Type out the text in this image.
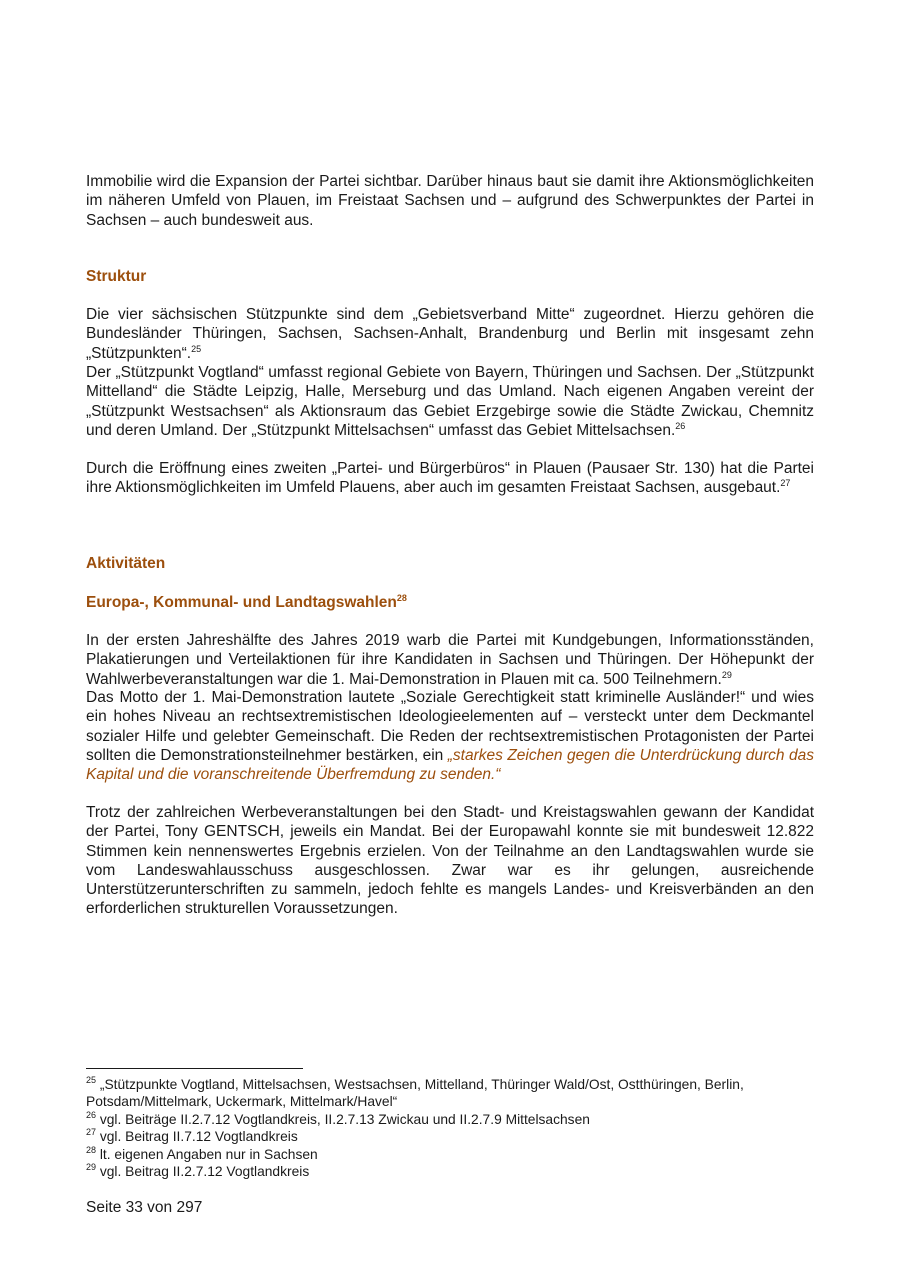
Immobilie wird die Expansion der Partei sichtbar. Darüber hinaus baut sie damit ihre Aktionsmöglichkeiten im näheren Umfeld von Plauen, im Freistaat Sachsen und – aufgrund des Schwerpunktes der Partei in Sachsen – auch bundesweit aus.

Struktur

Die vier sächsischen Stützpunkte sind dem „Gebietsverband Mitte“ zugeordnet. Hierzu gehören die Bundesländer Thüringen, Sachsen, Sachsen-Anhalt, Brandenburg und Berlin mit insgesamt zehn „Stützpunkten“.$^{25}$

Der „Stützpunkt Vogtland“ umfasst regional Gebiete von Bayern, Thüringen und Sachsen. Der „Stützpunkt Mittelland“ die Städte Leipzig, Halle, Merseburg und das Umland. Nach eigenen Angaben vereint der „Stützpunkt Westsachsen“ als Aktionsraum das Gebiet Erzgebirge sowie die Städte Zwickau, Chemnitz und deren Umland. Der „Stützpunkt Mittelsachsen“ umfasst das Gebiet Mittelsachsen.$^{26}$

Durch die Eröffnung eines zweiten „Partei- und Bürgerbüros“ in Plauen (Pausaer Str. 130) hat die Partei ihre Aktionsmöglichkeiten im Umfeld Plauens, aber auch im gesamten Freistaat Sachsen, ausgebaut.$^{27}$

Aktivitäten
Europa-, Kommunal- und Landtagswahlen$^{28}$

In der ersten Jahreshälfte des Jahres 2019 warb die Partei mit Kundgebungen, Informationsständen, Plakatierungen und Verteilaktionen für ihre Kandidaten in Sachsen und Thüringen. Der Höhepunkt der Wahlwerbeveranstaltungen war die 1. Mai-Demonstration in Plauen mit ca. 500 Teilnehmern.$^{29}$

Das Motto der 1. Mai-Demonstration lautete „Soziale Gerechtigkeit statt kriminelle Ausländer!“ und wies ein hohes Niveau an rechtsextremistischen Ideologieelementen auf – versteckt unter dem Deckmantel sozialer Hilfe und gelebter Gemeinschaft. Die Reden der rechtsextremistischen Protagonisten der Partei sollten die Demonstrationsteilnehmer bestärken, ein „starkes Zeichen gegen die Unterdrückung durch das Kapital und die voranschreitende Überfremdung zu senden.“

Trotz der zahlreichen Werbeveranstaltungen bei den Stadt- und Kreistagswahlen gewann der Kandidat der Partei, Tony GENTSCH, jeweils ein Mandat. Bei der Europawahl konnte sie mit bundesweit 12.822 Stimmen kein nennenswertes Ergebnis erzielen. Von der Teilnahme an den Landtagswahlen wurde sie vom Landeswahlausschuss ausgeschlossen. Zwar war es ihr gelungen, ausreichende Unterstützerunterschriften zu sammeln, jedoch fehlte es mangels Landes- und Kreisverbänden an den erforderlichen strukturellen Voraussetzungen.

$^{25}$ „Stützpunkte Vogtland, Mittelsachsen, Westsachsen, Mittelland, Thüringer Wald/Ost, Ostthüringen, Berlin, Potsdam/Mittelmark, Uckermark, Mittelmark/Havel“
$^{26}$ vgl. Beiträge II.2.7.12 Vogtlandkreis, II.2.7.13 Zwickau und II.2.7.9 Mittelsachsen
$^{27}$ vgl. Beitrag II.7.12 Vogtlandkreis
$^{28}$ lt. eigenen Angaben nur in Sachsen
$^{29}$ vgl. Beitrag II.2.7.12 Vogtlandkreis
Seite 33 von 297
